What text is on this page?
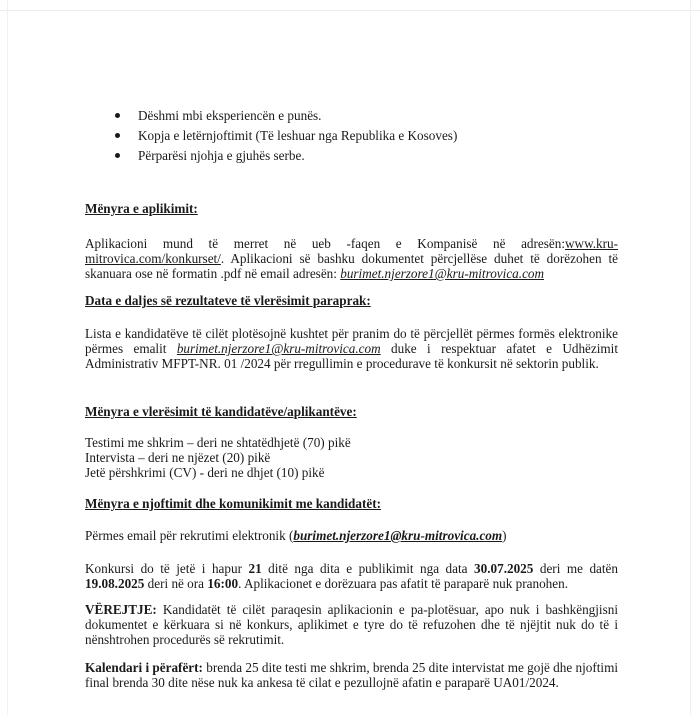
Dëshmi mbi eksperiencën e punës.
Kopja e letërnjoftimit (Të leshuar nga Republika e Kosoves)
Përparësi njohja e gjuhës serbe.
Mënyra e aplikimit:

Aplikacioni mund të merret në ueb -faqen e Kompanisë në adresën:www.kru-mitrovica.com/konkurset/. Aplikacioni së bashku dokumentet përcjellëse duhet të dorëzohen të skanuara ose në formatin .pdf në email adresën: burimet.njerzore1@kru-mitrovica.com

Data e daljes së rezultateve të vlerësimit paraprak:

Lista e kandidatëve të cilët plotësojnë kushtet për pranim do të përcjellët përmes formës elektronike përmes emalit burimet.njerzore1@kru-mitrovica.com duke i respektuar afatet e Udhëzimit Administrativ MFPT-NR. 01 /2024 për rregullimin e procedurave të konkursit në sektorin publik.

Mënyra e vlerësimit të kandidatëve/aplikantëve:
Testimi me shkrim – deri ne shtatëdhjetë (70) pikë
Intervista – deri ne njëzet (20) pikë
Jetë përshkrimi (CV) - deri ne dhjet (10) pikë
Mënyra e njoftimit dhe komunikimit me kandidatët:

Përmes email për rekrutimi elektronik (burimet.njerzore1@kru-mitrovica.com)

Konkursi do të jetë i hapur 21 ditë nga dita e publikimit nga data 30.07.2025 deri me datën 19.08.2025 deri në ora 16:00. Aplikacionet e dorëzuara pas afatit të paraparë nuk pranohen.

VËREJTJE: Kandidatët të cilët paraqesin aplikacionin e pa-plotësuar, apo nuk i bashkëngjisni dokumentet e kërkuara si në konkurs, aplikimet e tyre do të refuzohen dhe të njëjtit nuk do të i nënshtrohen procedurës së rekrutimit.

Kalendari i përafërt: brenda 25 dite testi me shkrim, brenda 25 dite intervistat me gojë dhe njoftimi final brenda 30 dite nëse nuk ka ankesa të cilat e pezullojnë afatin e paraparë UA01/2024.
